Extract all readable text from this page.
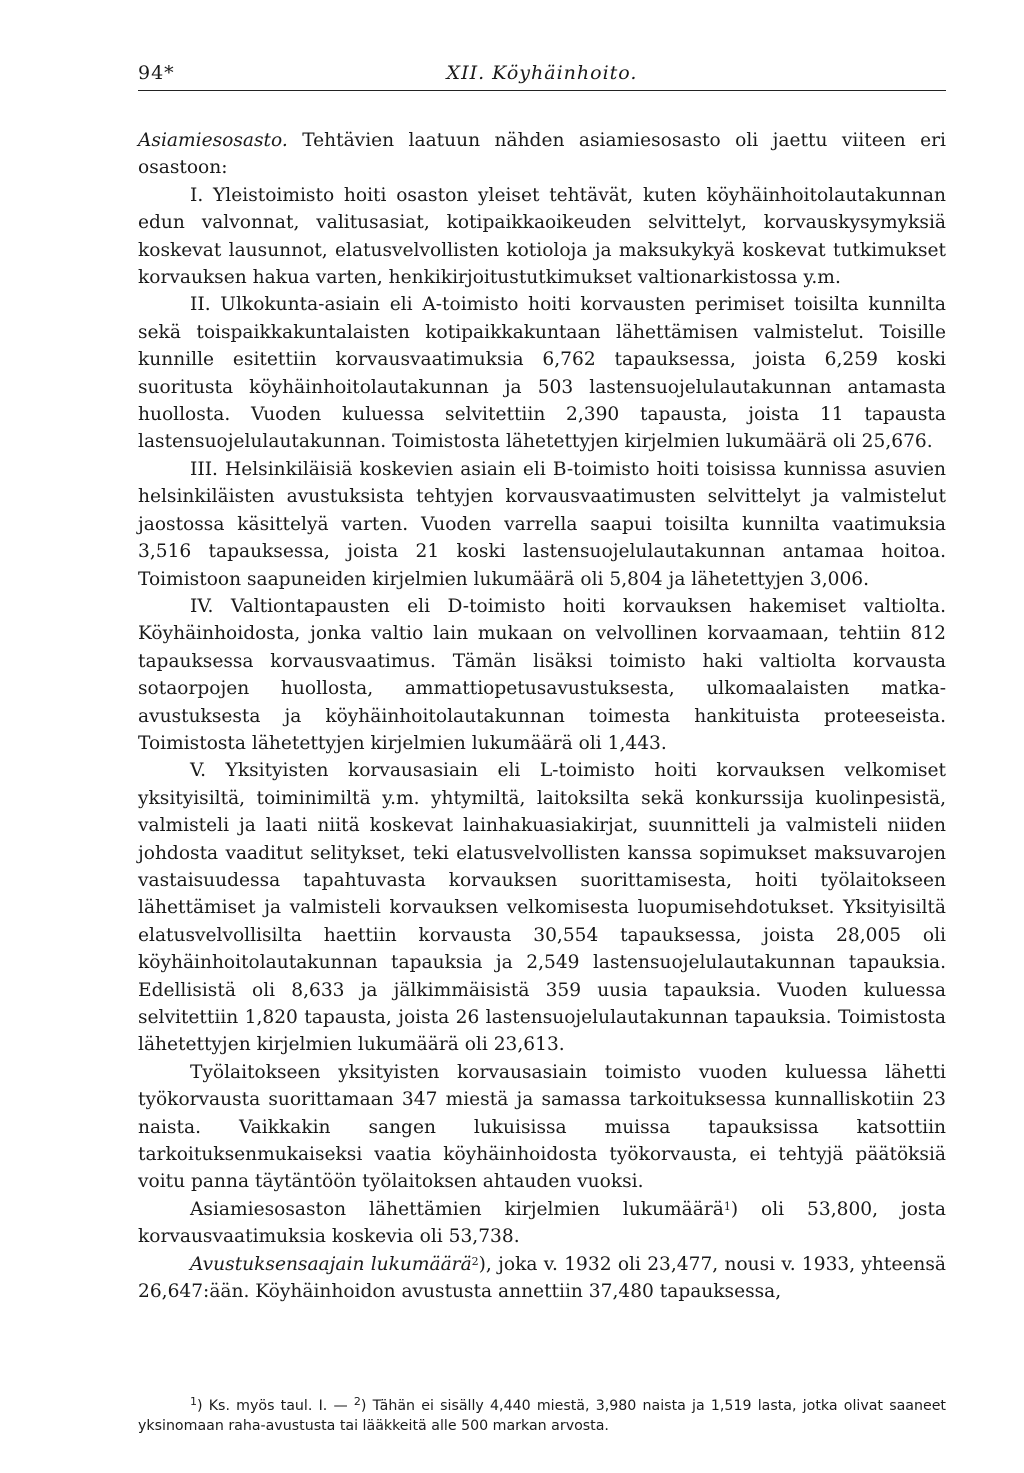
94*	XII. Köyhäinhoito.

Asiamiesosasto. Tehtävien laatuun nähden asiamiesosasto oli jaettu viiteen eri osastoon:

I. Yleistoimisto hoiti osaston yleiset tehtävät, kuten köyhäinhoitolautakunnan edun valvonnat, valitusasiat, kotipaikkaoikeuden selvittelyt, korvauskysymyksiä koskevat lausunnot, elatusvelvollisten kotioloja ja maksukykyä koskevat tutkimukset korvauksen hakua varten, henkikirjoitustutkimukset valtionarkistossa y.m.

II. Ulkokunta-asiain eli A-toimisto hoiti korvausten perimiset toisilta kunnilta sekä toispaikkakuntalaisten kotipaikkakuntaan lähettämisen valmistelut. Toisille kunnille esitettiin korvausvaatimuksia 6,762 tapauksessa, joista 6,259 koski suoritusta köyhäinhoitolautakunnan ja 503 lastensuojelulautakunnan antamasta huollosta. Vuoden kuluessa selvitettiin 2,390 tapausta, joista 11 tapausta lastensuojelulautakunnan. Toimistosta lähetettyjen kirjelmien lukumäärä oli 25,676.

III. Helsinkiläisiä koskevien asiain eli B-toimisto hoiti toisissa kunnissa asuvien helsinkiläisten avustuksista tehtyjen korvausvaatimusten selvittelyt ja valmistelut jaostossa käsittelyä varten. Vuoden varrella saapui toisilta kunnilta vaatimuksia 3,516 tapauksessa, joista 21 koski lastensuojelulautakunnan antamaa hoitoa. Toimistoon saapuneiden kirjelmien lukumäärä oli 5,804 ja lähetettyjen 3,006.

IV. Valtiontapausten eli D-toimisto hoiti korvauksen hakemiset valtiolta. Köyhäinhoidosta, jonka valtio lain mukaan on velvollinen korvaamaan, tehtiin 812 tapauksessa korvausvaatimus. Tämän lisäksi toimisto haki valtiolta korvausta sotaorpojen huollosta, ammattiopetusavustuksesta, ulkomaalaisten matka-avustuksesta ja köyhäinhoitolautakunnan toimesta hankituista proteeseista. Toimistosta lähetettyjen kirjelmien lukumäärä oli 1,443.

V. Yksityisten korvausasiain eli L-toimisto hoiti korvauksen velkomiset yksityisiltä, toiminimiltä y.m. yhtymiltä, laitoksilta sekä konkurssija kuolinpesistä, valmisteli ja laati niitä koskevat lainhakuasiakirjat, suunnitteli ja valmisteli niiden johdosta vaaditut selitykset, teki elatusvelvollisten kanssa sopimukset maksuvarojen vastaisuudessa tapahtuvasta korvauksen suorittamisesta, hoiti työlaitokseen lähettämiset ja valmisteli korvauksen velkomisesta luopumisehdotukset. Yksityisiltä elatusvelvollisilta haettiin korvausta 30,554 tapauksessa, joista 28,005 oli köyhäinhoitolautakunnan tapauksia ja 2,549 lastensuojelulautakunnan tapauksia. Edellisistä oli 8,633 ja jälkimmäisistä 359 uusia tapauksia. Vuoden kuluessa selvitettiin 1,820 tapausta, joista 26 lastensuojelulautakunnan tapauksia. Toimistosta lähetettyjen kirjelmien lukumäärä oli 23,613.

Työlaitokseen yksityisten korvausasiain toimisto vuoden kuluessa lähetti työkorvausta suorittamaan 347 miestä ja samassa tarkoituksessa kunnalliskotiin 23 naista. Vaikkakin sangen lukuisissa muissa tapauksissa katsottiin tarkoituksenmukaiseksi vaatia köyhäinhoidosta työkorvausta, ei tehtyjä päätöksiä voitu panna täytäntöön työlaitoksen ahtauden vuoksi.

Asiamiesosaston lähettämien kirjelmien lukumäärä$^1$) oli 53,800, josta korvausvaatimuksia koskevia oli 53,738.

Avustuksensaajain lukumäärä$^2$), joka v. 1932 oli 23,477, nousi v. 1933, yhteensä 26,647:ään. Köyhäinhoidon avustusta annettiin 37,480 tapauksessa,

$^1$) Ks. myös taul. I. — $^2$) Tähän ei sisälly 4,440 miestä, 3,980 naista ja 1,519 lasta, jotka olivat saaneet yksinomaan raha-avustusta tai lääkkeitä alle 500 markan arvosta.
